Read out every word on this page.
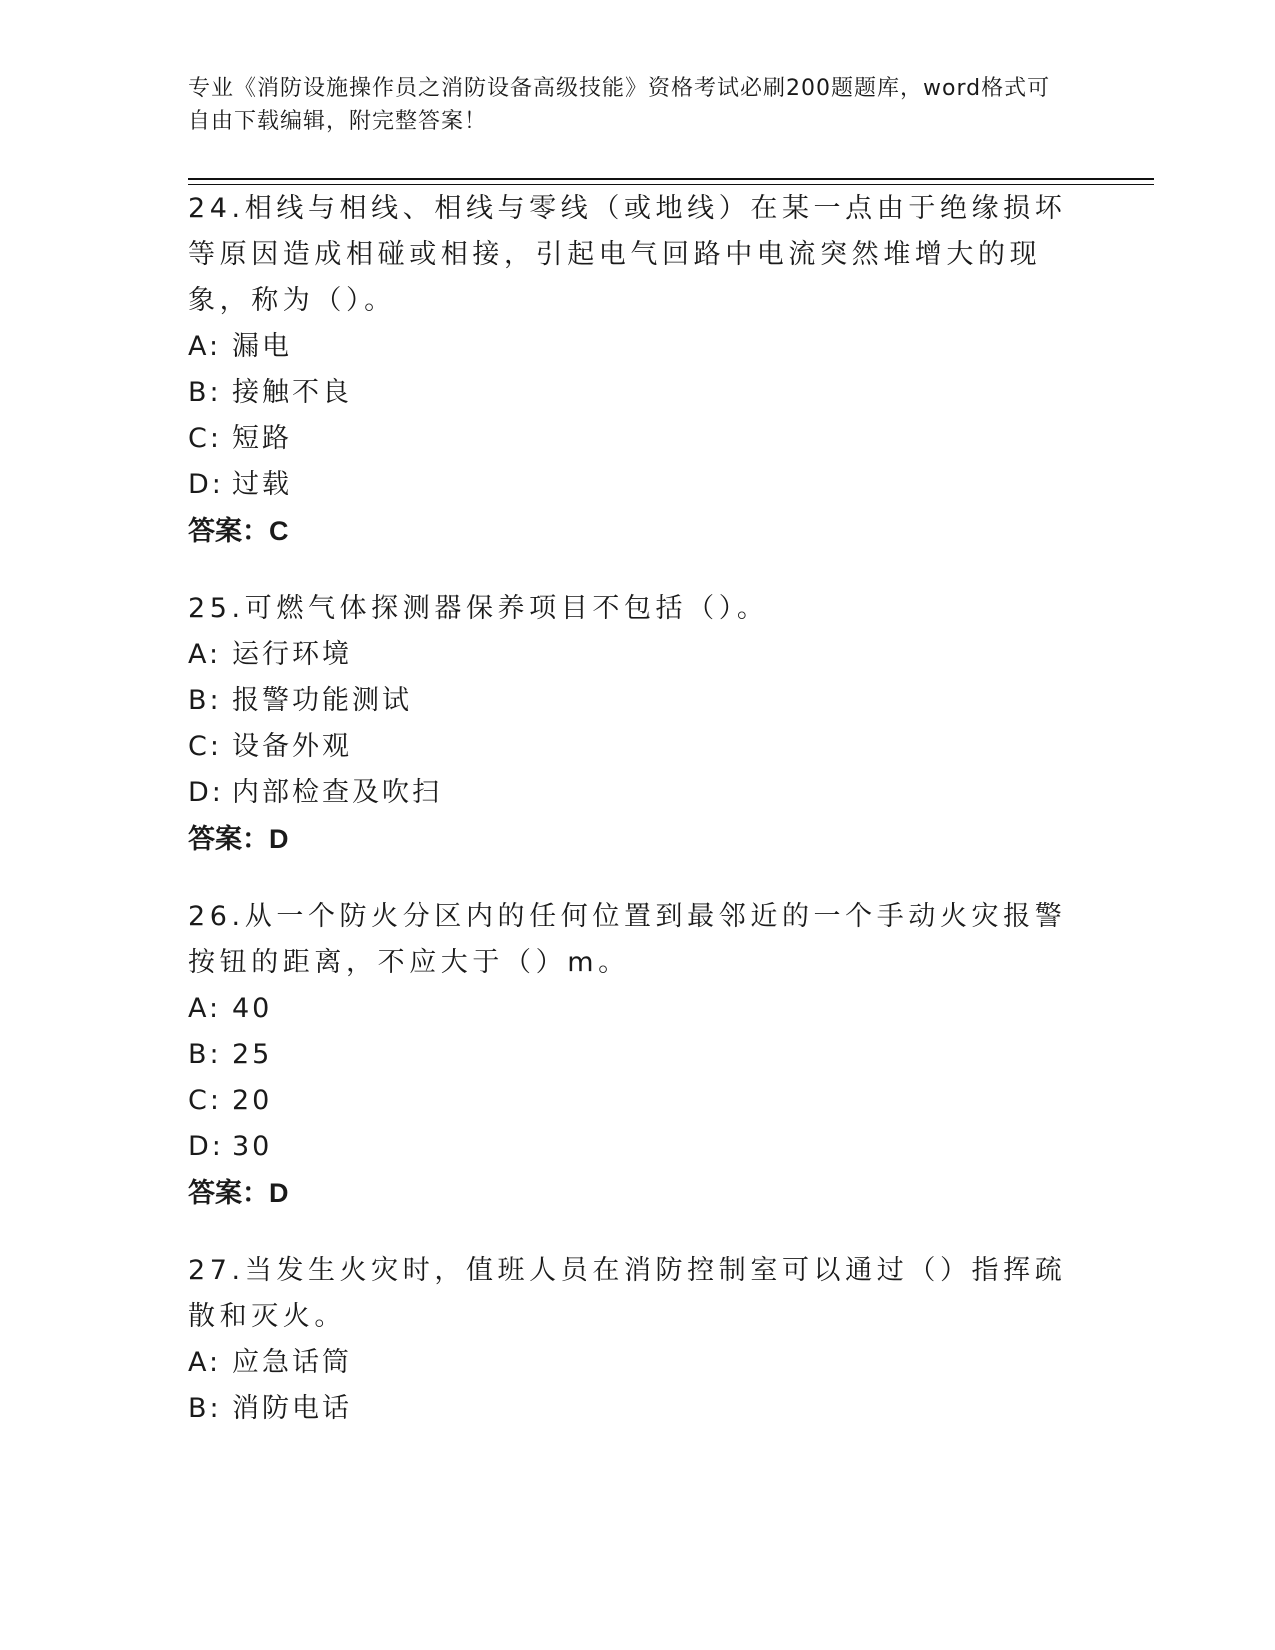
专业《消防设施操作员之消防设备高级技能》资格考试必刷200题题库，word格式可自由下载编辑，附完整答案！

24.相线与相线、相线与零线（或地线）在某一点由于绝缘损坏等原因造成相碰或相接，引起电气回路中电流突然堆增大的现象，称为（）。

A: 漏电

B: 接触不良

C: 短路

D: 过载

答案：C

25.可燃气体探测器保养项目不包括（）。

A: 运行环境

B: 报警功能测试

C: 设备外观

D: 内部检查及吹扫

答案：D

26.从一个防火分区内的任何位置到最邻近的一个手动火灾报警按钮的距离，不应大于（）m。

A: 40

B: 25

C: 20

D: 30

答案：D

27.当发生火灾时，值班人员在消防控制室可以通过（）指挥疏散和灭火。

A: 应急话筒

B: 消防电话
